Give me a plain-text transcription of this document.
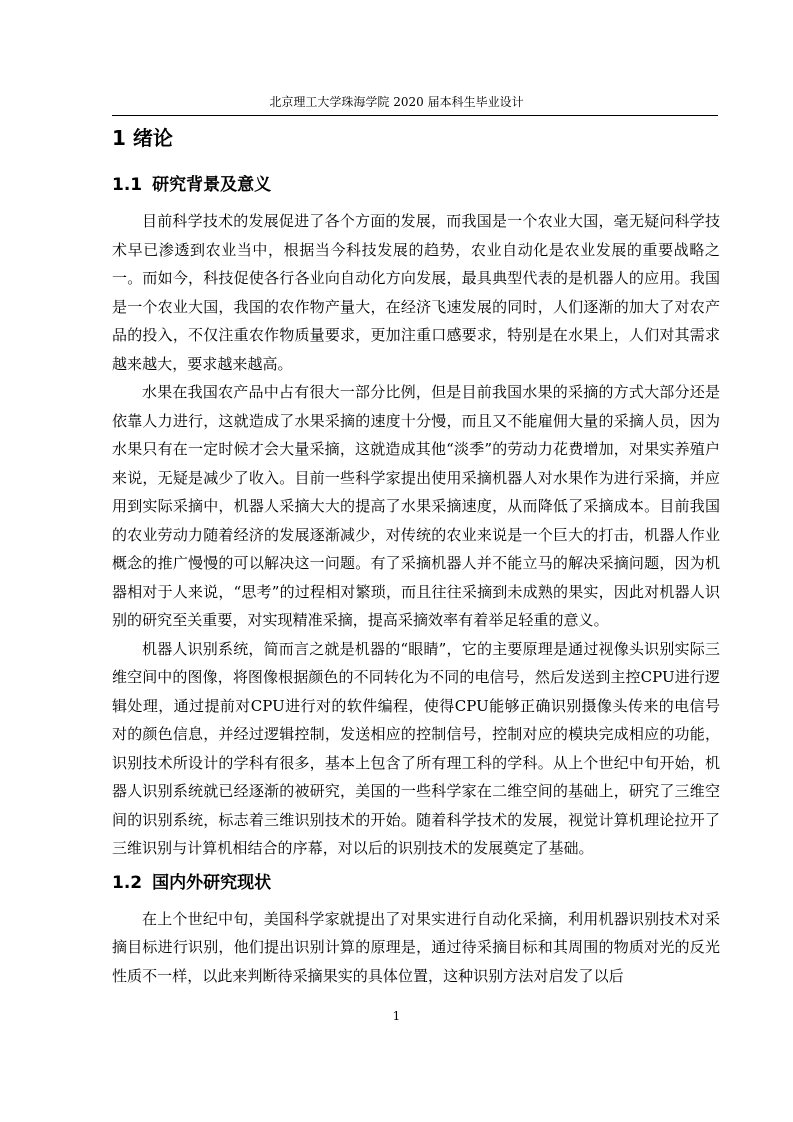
北京理工大学珠海学院 2020 届本科生毕业设计
1 绪论
1.1 研究背景及意义

目前科学技术的发展促进了各个方面的发展，而我国是一个农业大国，毫无疑问科学技术早已渗透到农业当中，根据当今科技发展的趋势，农业自动化是农业发展的重要战略之一。而如今，科技促使各行各业向自动化方向发展，最具典型代表的是机器人的应用。我国是一个农业大国，我国的农作物产量大，在经济飞速发展的同时，人们逐渐的加大了对农产品的投入，不仅注重农作物质量要求，更加注重口感要求，特别是在水果上，人们对其需求越来越大，要求越来越高。

水果在我国农产品中占有很大一部分比例，但是目前我国水果的采摘的方式大部分还是依靠人力进行，这就造成了水果采摘的速度十分慢，而且又不能雇佣大量的采摘人员，因为水果只有在一定时候才会大量采摘，这就造成其他“淡季”的劳动力花费增加，对果实养殖户来说，无疑是减少了收入。目前一些科学家提出使用采摘机器人对水果作为进行采摘，并应用到实际采摘中，机器人采摘大大的提高了水果采摘速度，从而降低了采摘成本。目前我国的农业劳动力随着经济的发展逐渐减少，对传统的农业来说是一个巨大的打击，机器人作业概念的推广慢慢的可以解决这一问题。有了采摘机器人并不能立马的解决采摘问题，因为机器相对于人来说，“思考”的过程相对繁琐，而且往往采摘到未成熟的果实，因此对机器人识别的研究至关重要，对实现精准采摘，提高采摘效率有着举足轻重的意义。

机器人识别系统，简而言之就是机器的“眼睛”，它的主要原理是通过视像头识别实际三维空间中的图像，将图像根据颜色的不同转化为不同的电信号，然后发送到主控CPU进行逻辑处理，通过提前对CPU进行对的软件编程，使得CPU能够正确识别摄像头传来的电信号对的颜色信息，并经过逻辑控制，发送相应的控制信号，控制对应的模块完成相应的功能，识别技术所设计的学科有很多，基本上包含了所有理工科的学科。从上个世纪中旬开始，机器人识别系统就已经逐渐的被研究，美国的一些科学家在二维空间的基础上，研究了三维空间的识别系统，标志着三维识别技术的开始。随着科学技术的发展，视觉计算机理论拉开了三维识别与计算机相结合的序幕，对以后的识别技术的发展奠定了基础。

1.2 国内外研究现状

在上个世纪中旬，美国科学家就提出了对果实进行自动化采摘，利用机器识别技术对采摘目标进行识别，他们提出识别计算的原理是，通过待采摘目标和其周围的物质对光的反光性质不一样，以此来判断待采摘果实的具体位置，这种识别方法对启发了以后

1
